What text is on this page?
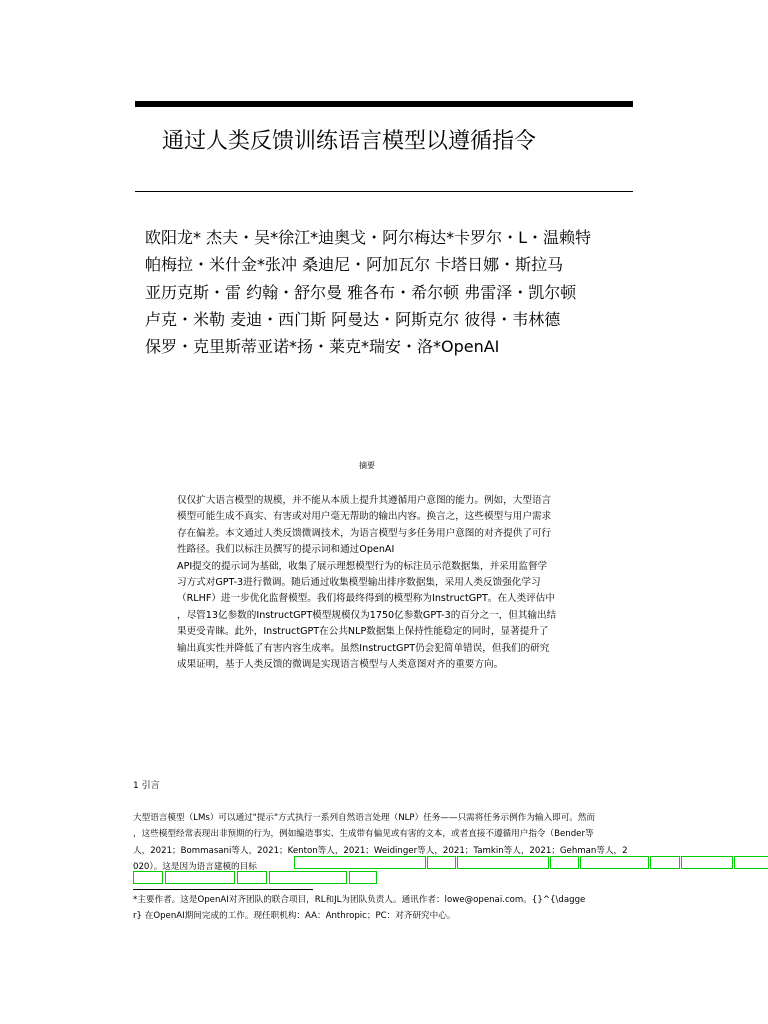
通过人类反馈训练语言模型以遵循指令
欧阳龙* 杰夫・吴*徐江*迪奥戈・阿尔梅达*卡罗尔・L・温赖特
帕梅拉・米什金*张冲 桑迪尼・阿加瓦尔 卡塔日娜・斯拉马
亚历克斯・雷 约翰・舒尔曼 雅各布・希尔顿 弗雷泽・凯尔顿
卢克・米勒 麦迪・西门斯 阿曼达・阿斯克尔 彼得・韦林德
保罗・克里斯蒂亚诺*扬・莱克*瑞安・洛*OpenAI
摘要
仅仅扩大语言模型的规模，并不能从本质上提升其遵循用户意图的能力。例如，大型语言
模型可能生成不真实、有害或对用户毫无帮助的输出内容。换言之，这些模型与用户需求
存在偏差。本文通过人类反馈微调技术，为语言模型与多任务用户意图的对齐提供了可行
性路径。我们以标注员撰写的提示词和通过OpenAI
API提交的提示词为基础，收集了展示理想模型行为的标注员示范数据集，并采用监督学
习方式对GPT-3进行微调。随后通过收集模型输出排序数据集，采用人类反馈强化学习
（RLHF）进一步优化监督模型。我们将最终得到的模型称为InstructGPT。在人类评估中
，尽管13亿参数的InstructGPT模型规模仅为1750亿参数GPT-3的百分之一，但其输出结
果更受青睐。此外，InstructGPT在公共NLP数据集上保持性能稳定的同时，显著提升了
输出真实性并降低了有害内容生成率。虽然InstructGPT仍会犯简单错误，但我们的研究
成果证明，基于人类反馈的微调是实现语言模型与人类意图对齐的重要方向。
1 引言
大型语言模型（LMs）可以通过"提示"方式执行一系列自然语言处理（NLP）任务——只需将任务示例作为输入即可。然而
，这些模型经常表现出非预期的行为，例如编造事实、生成带有偏见或有害的文本，或者直接不遵循用户指令（Bender等
人，2021；Bommasani等人，2021；Kenton等人，2021；Weidinger等人，2021；Tamkin等人，2021；Gehman等人，2
020）。这是因为语言建模的目标
*主要作者。这是OpenAI对齐团队的联合项目，RL和JL为团队负责人。通讯作者：lowe@openai.com。{}^{\dagge
r} 在OpenAI期间完成的工作。现任职机构：AA：Anthropic；PC：对齐研究中心。
